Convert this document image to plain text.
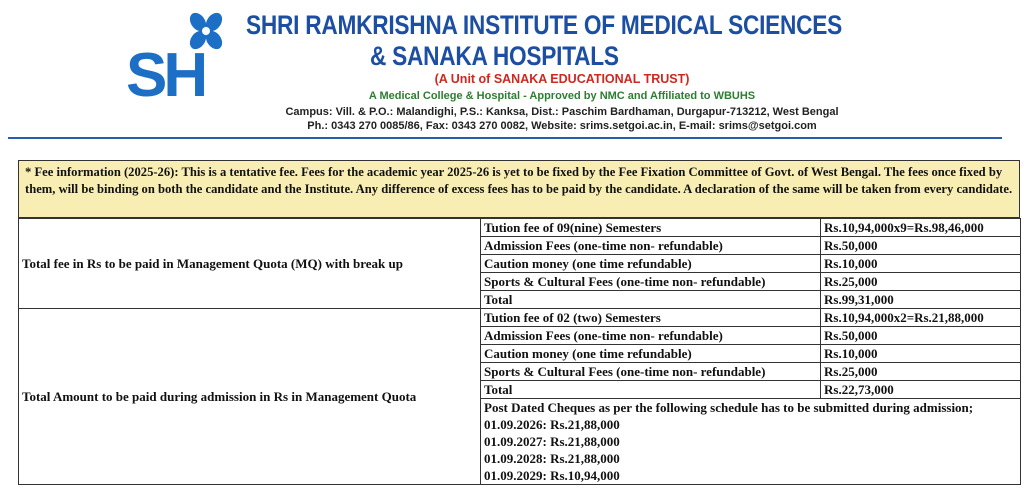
SH
SHRI RAMKRISHNA INSTITUTE OF MEDICAL SCIENCES
& SANAKA HOSPITALS
(A Unit of SANAKA EDUCATIONAL TRUST)
A Medical College & Hospital - Approved by NMC and Affiliated to WBUHS
Campus: Vill. & P.O.: Malandighi, P.S.: Kanksa, Dist.: Paschim Bardhaman, Durgapur-713212, West Bengal
Ph.: 0343 270 0085/86, Fax: 0343 270 0082, Website: srims.setgoi.ac.in, E-mail: srims@setgoi.com
* Fee information (2025-26): This is a tentative fee. Fees for the academic year 2025-26 is yet to be fixed by the Fee Fixation Committee of Govt. of West Bengal. The fees once fixed by them, will be binding on both the candidate and the Institute. Any difference of excess fees has to be paid by the candidate. A declaration of the same will be taken from every candidate.
Total fee in Rs to be paid in Management Quota (MQ) with break up	Tution fee of 09(nine) Semesters	Rs.10,94,000x9=Rs.98,46,000
	Admission Fees (one-time non- refundable)	Rs.50,000
	Caution money (one time refundable)	Rs.10,000
	Sports & Cultural Fees (one-time non- refundable)	Rs.25,000
	Total	Rs.99,31,000
Total Amount to be paid during admission in Rs in Management Quota	Tution fee of 02 (two) Semesters	Rs.10,94,000x2=Rs.21,88,000
	Admission Fees (one-time non- refundable)	Rs.50,000
	Caution money (one time refundable)	Rs.10,000
	Sports & Cultural Fees (one-time non- refundable)	Rs.25,000
	Total	Rs.22,73,000

	Post Dated Cheques as per the following schedule has to be submitted during admission;
01.09.2026: Rs.21,88,000
01.09.2027: Rs.21,88,000
01.09.2028: Rs.21,88,000
01.09.2029: Rs.10,94,000	
